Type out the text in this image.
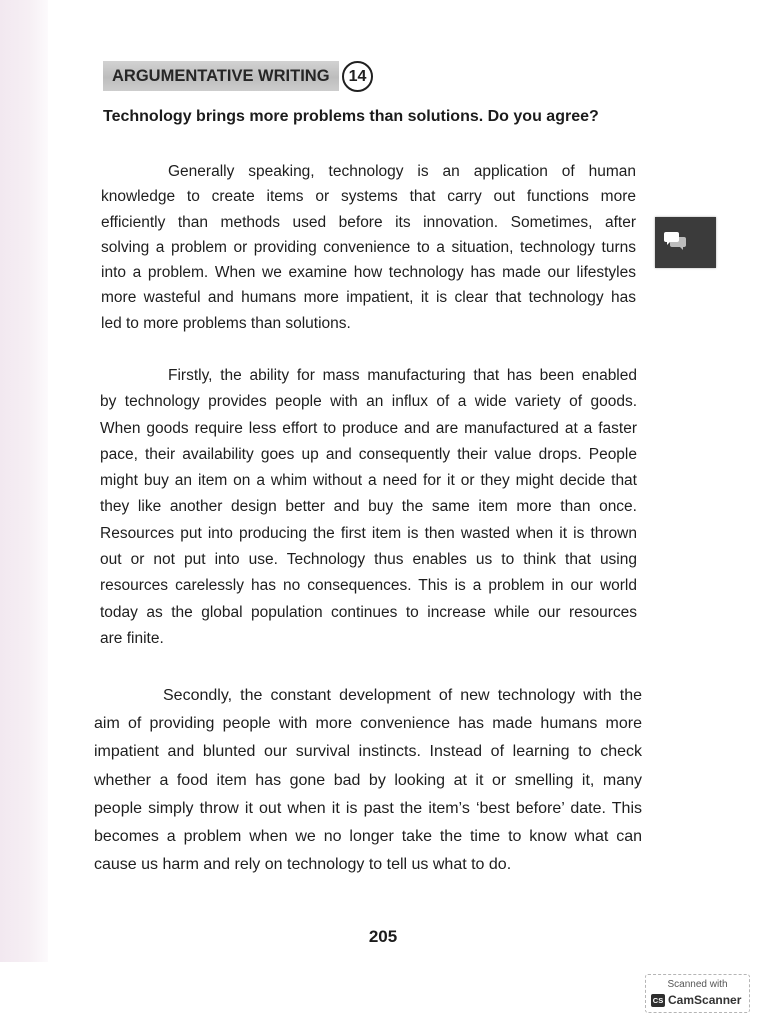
ARGUMENTATIVE WRITING	14
Technology brings more problems than solutions. Do you agree?
Generally speaking, technology is an application of human
knowledge to create items or systems that carry out functions more
efficiently than methods used before its innovation. Sometimes, after
solving a problem or providing convenience to a situation, technology turns
into a problem. When we examine how technology has made our lifestyles
more wasteful and humans more impatient, it is clear that technology has
led to more problems than solutions.
Firstly, the ability for mass manufacturing that has been enabled
by technology provides people with an influx of a wide variety of goods.
When goods require less effort to produce and are manufactured at a faster
pace, their availability goes up and consequently their value drops. People
might buy an item on a whim without a need for it or they might decide that
they like another design better and buy the same item more than once.
Resources put into producing the first item is then wasted when it is thrown
out or not put into use. Technology thus enables us to think that using
resources carelessly has no consequences. This is a problem in our world
today as the global population continues to increase while our resources
are finite.
Secondly, the constant development of new technology with the
aim of providing people with more convenience has made humans more
impatient and blunted our survival instincts. Instead of learning to check
whether a food item has gone bad by looking at it or smelling it, many
people simply throw it out when it is past the item’s ‘best before’ date. This
becomes a problem when we no longer take the time to know what can
cause us harm and rely on technology to tell us what to do.
205
Scanned with
CS CamScanner
